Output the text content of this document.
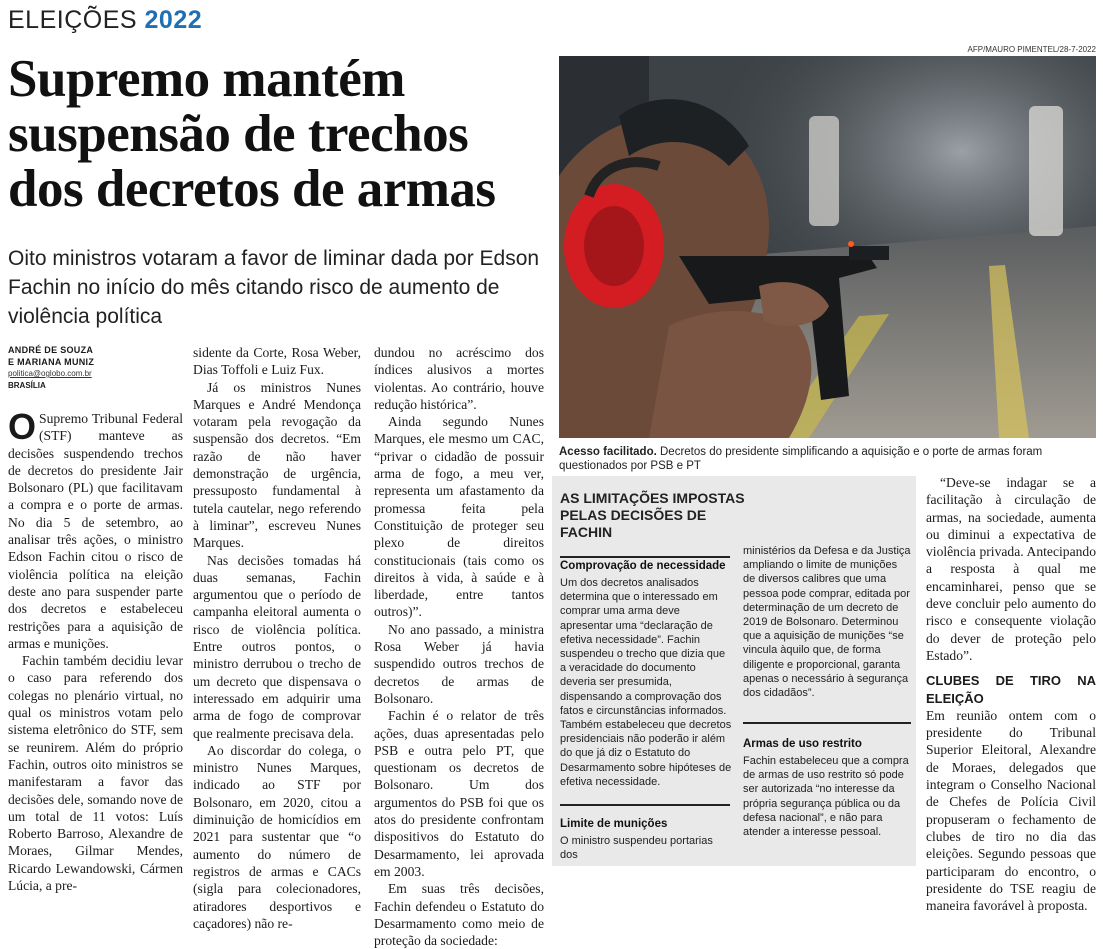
ELEIÇÕES 2022
Supremo mantém
suspensão de trechos
dos decretos de armas
Oito ministros votaram a favor de liminar dada por Edson Fachin no início do mês citando risco de aumento de violência política
ANDRÉ DE SOUZA
E MARIANA MUNIZ
politica@oglobo.com.br
BRASÍLIA

O Supremo Tribunal Federal (STF) manteve as decisões suspendendo trechos de decretos do presidente Jair Bolsonaro (PL) que facilitavam a compra e o porte de armas. No dia 5 de setembro, ao analisar três ações, o ministro Edson Fachin citou o risco de violência política na eleição deste ano para suspender parte dos decretos e estabeleceu restrições para a aquisição de armas e munições.

Fachin também decidiu levar o caso para referendo dos colegas no plenário virtual, no qual os ministros votam pelo sistema eletrônico do STF, sem se reunirem. Além do próprio Fachin, outros oito ministros se manifestaram a favor das decisões dele, somando nove de um total de 11 votos: Luís Roberto Barroso, Alexandre de Moraes, Gilmar Mendes, Ricardo Lewandowski, Cármen Lúcia, a pre-

sidente da Corte, Rosa Weber, Dias Toffoli e Luiz Fux.

Já os ministros Nunes Marques e André Mendonça votaram pela revogação da suspensão dos decretos. “Em razão de não haver demonstração de urgência, pressuposto fundamental à tutela cautelar, nego referendo à liminar”, escreveu Nunes Marques.

Nas decisões tomadas há duas semanas, Fachin argumentou que o período de campanha eleitoral aumenta o risco de violência política. Entre outros pontos, o ministro derrubou o trecho de um decreto que dispensava o interessado em adquirir uma arma de fogo de comprovar que realmente precisava dela.

Ao discordar do colega, o ministro Nunes Marques, indicado ao STF por Bolsonaro, em 2020, citou a diminuição de homicídios em 2021 para sustentar que “o aumento do número de registros de armas e CACs (sigla para colecionadores, atiradores desportivos e caçadores) não re-

dundou no acréscimo dos índices alusivos a mortes violentas. Ao contrário, houve redução histórica”.

Ainda segundo Nunes Marques, ele mesmo um CAC, “privar o cidadão de possuir arma de fogo, a meu ver, representa um afastamento da promessa feita pela Constituição de proteger seu plexo de direitos constitucionais (tais como os direitos à vida, à saúde e à liberdade, entre tantos outros)”.

No ano passado, a ministra Rosa Weber já havia suspendido outros trechos de decretos de armas de Bolsonaro.

Fachin é o relator de três ações, duas apresentadas pelo PSB e outra pelo PT, que questionam os decretos de Bolsonaro. Um dos argumentos do PSB foi que os atos do presidente confrontam dispositivos do Estatuto do Desarmamento, lei aprovada em 2003.

Em suas três decisões, Fachin defendeu o Estatuto do Desarmamento como meio de proteção da sociedade:

AFP/MAURO PIMENTEL/28-7-2022
Acesso facilitado. Decretos do presidente simplificando a aquisição e o porte de armas foram questionados por PSB e PT
AS LIMITAÇÕES IMPOSTAS PELAS DECISÕES DE FACHIN
Comprovação de necessidade
Um dos decretos analisados determina que o interessado em comprar uma arma deve apresentar uma “declaração de efetiva necessidade”. Fachin suspendeu o trecho que dizia que a veracidade do documento deveria ser presumida, dispensando a comprovação dos fatos e circunstâncias informados. Também estabeleceu que decretos presidenciais não poderão ir além do que já diz o Estatuto do Desarmamento sobre hipóteses de efetiva necessidade.
Limite de munições
O ministro suspendeu portarias dos
ministérios da Defesa e da Justiça ampliando o limite de munições de diversos calibres que uma pessoa pode comprar, editada por determinação de um decreto de 2019 de Bolsonaro. Determinou que a aquisição de munições “se vincula àquilo que, de forma diligente e proporcional, garanta apenas o necessário à segurança dos cidadãos”.
Armas de uso restrito
Fachin estabeleceu que a compra de armas de uso restrito só pode ser autorizada “no interesse da própria segurança pública ou da defesa nacional”, e não para atender a interesse pessoal.

“Deve-se indagar se a facilitação à circulação de armas, na sociedade, aumenta ou diminui a expectativa de violência privada. Antecipando a resposta à qual me encaminharei, penso que se deve concluir pelo aumento do risco e consequente violação do dever de proteção pelo Estado”.

CLUBES DE TIRO NA ELEIÇÃO

Em reunião ontem com o presidente do Tribunal Superior Eleitoral, Alexandre de Moraes, delegados que integram o Conselho Nacional de Chefes de Polícia Civil propuseram o fechamento de clubes de tiro no dia das eleições. Segundo pessoas que participaram do encontro, o presidente do TSE reagiu de maneira favorável à proposta.
